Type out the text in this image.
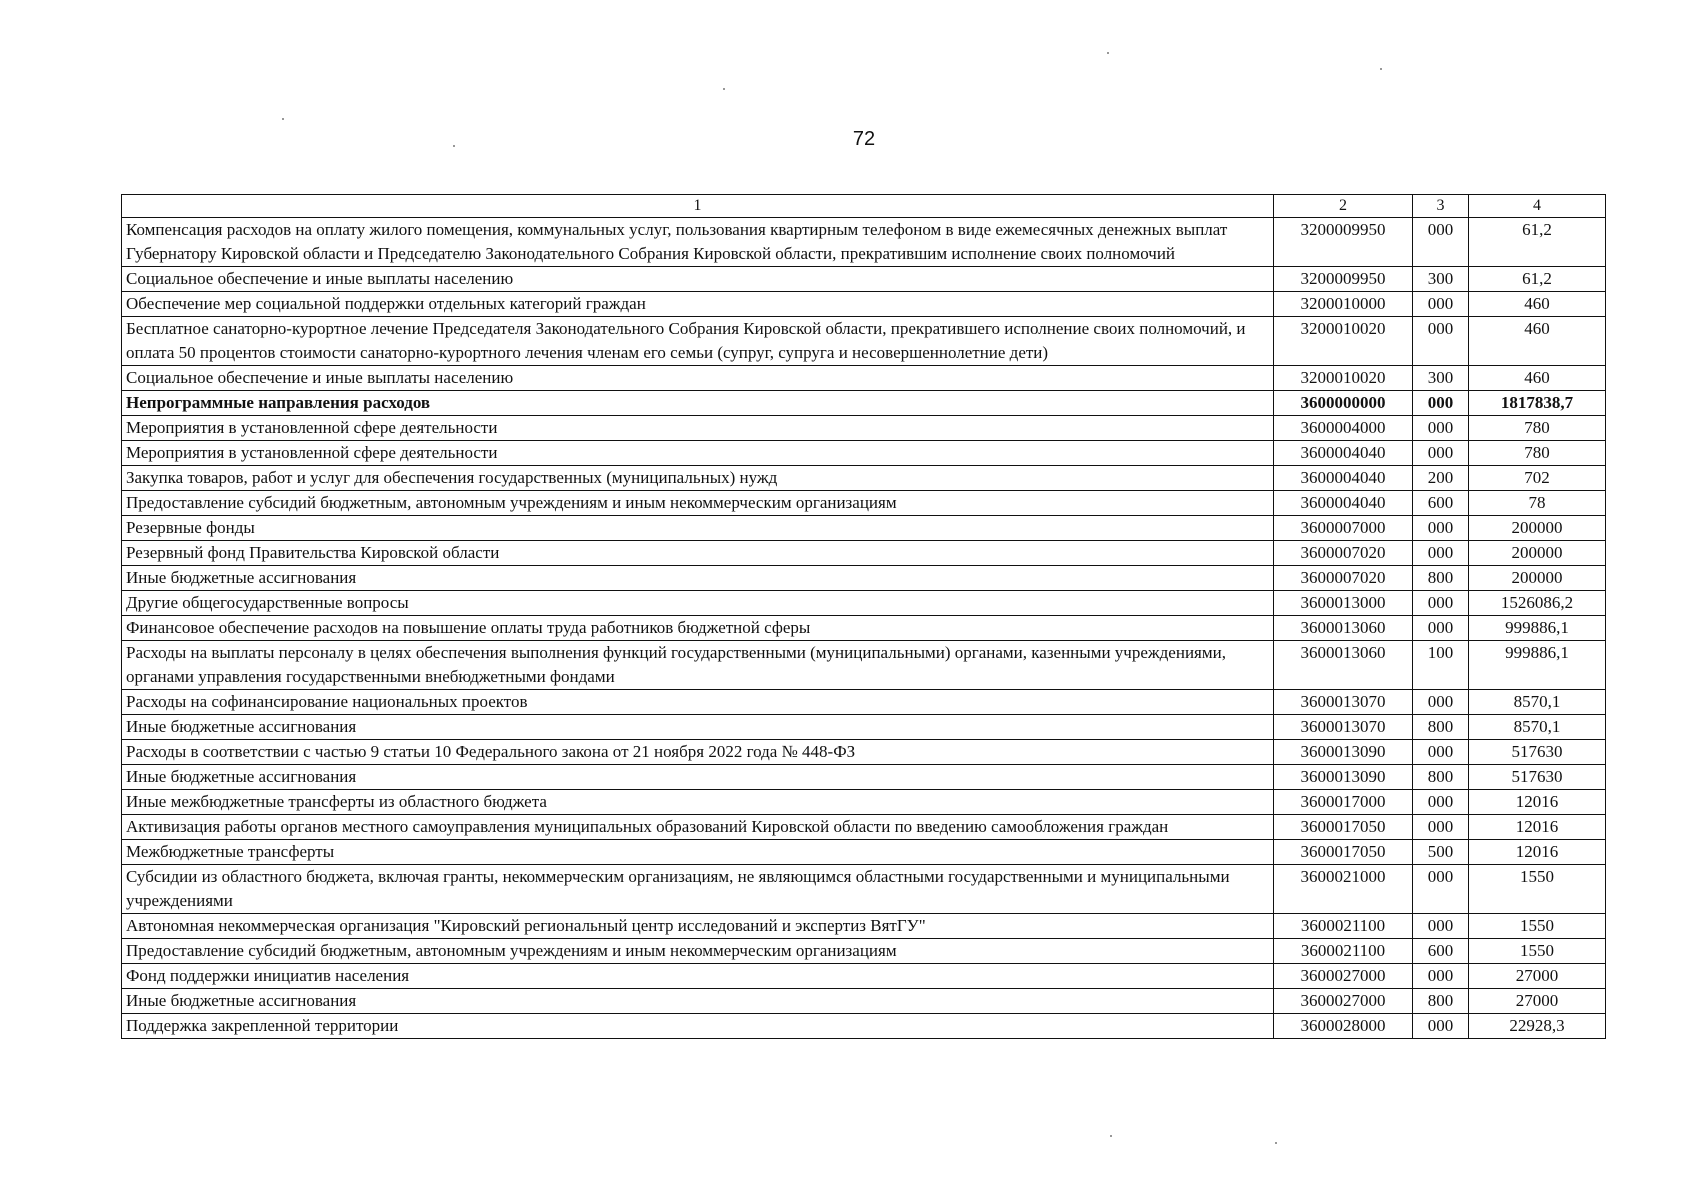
72
1	2	3	4
Компенсация расходов на оплату жилого помещения, коммунальных услуг, пользования квартирным телефоном в виде ежемесячных денежных выплат Губернатору Кировской области и Председателю Законодательного Собрания Кировской области, прекратившим исполнение своих полномочий	3200009950	000	61,2
Социальное обеспечение и иные выплаты населению	3200009950	300	61,2
Обеспечение мер социальной поддержки отдельных категорий граждан	3200010000	000	460
Бесплатное санаторно-курортное лечение Председателя Законодательного Собрания Кировской области, прекратившего исполнение своих полномочий, и оплата 50 процентов стоимости санаторно-курортного лечения членам его семьи (супруг, супруга и несовершеннолетние дети)	3200010020	000	460
Социальное обеспечение и иные выплаты населению	3200010020	300	460
Непрограммные направления расходов	3600000000	000	1817838,7
Мероприятия в установленной сфере деятельности	3600004000	000	780
Мероприятия в установленной сфере деятельности	3600004040	000	780
Закупка товаров, работ и услуг для обеспечения государственных (муниципальных) нужд	3600004040	200	702
Предоставление субсидий бюджетным, автономным учреждениям и иным некоммерческим организациям	3600004040	600	78
Резервные фонды	3600007000	000	200000
Резервный фонд Правительства Кировской области	3600007020	000	200000
Иные бюджетные ассигнования	3600007020	800	200000
Другие общегосударственные вопросы	3600013000	000	1526086,2
Финансовое обеспечение расходов на повышение оплаты труда работников бюджетной сферы	3600013060	000	999886,1
Расходы на выплаты персоналу в целях обеспечения выполнения функций государственными (муниципальными) органами, казенными учреждениями, органами управления государственными внебюджетными фондами	3600013060	100	999886,1
Расходы на софинансирование национальных проектов	3600013070	000	8570,1
Иные бюджетные ассигнования	3600013070	800	8570,1
Расходы в соответствии с частью 9 статьи 10 Федерального закона от 21 ноября 2022 года № 448-ФЗ	3600013090	000	517630
Иные бюджетные ассигнования	3600013090	800	517630
Иные межбюджетные трансферты из областного бюджета	3600017000	000	12016
Активизация работы органов местного самоуправления муниципальных образований Кировской области по введению самообложения граждан	3600017050	000	12016
Межбюджетные трансферты	3600017050	500	12016
Субсидии из областного бюджета, включая гранты, некоммерческим организациям, не являющимся областными государственными и муниципальными учреждениями	3600021000	000	1550
Автономная некоммерческая организация "Кировский региональный центр исследований и экспертиз ВятГУ"	3600021100	000	1550
Предоставление субсидий бюджетным, автономным учреждениям и иным некоммерческим организациям	3600021100	600	1550
Фонд поддержки инициатив населения	3600027000	000	27000
Иные бюджетные ассигнования	3600027000	800	27000
Поддержка закрепленной территории	3600028000	000	22928,3
